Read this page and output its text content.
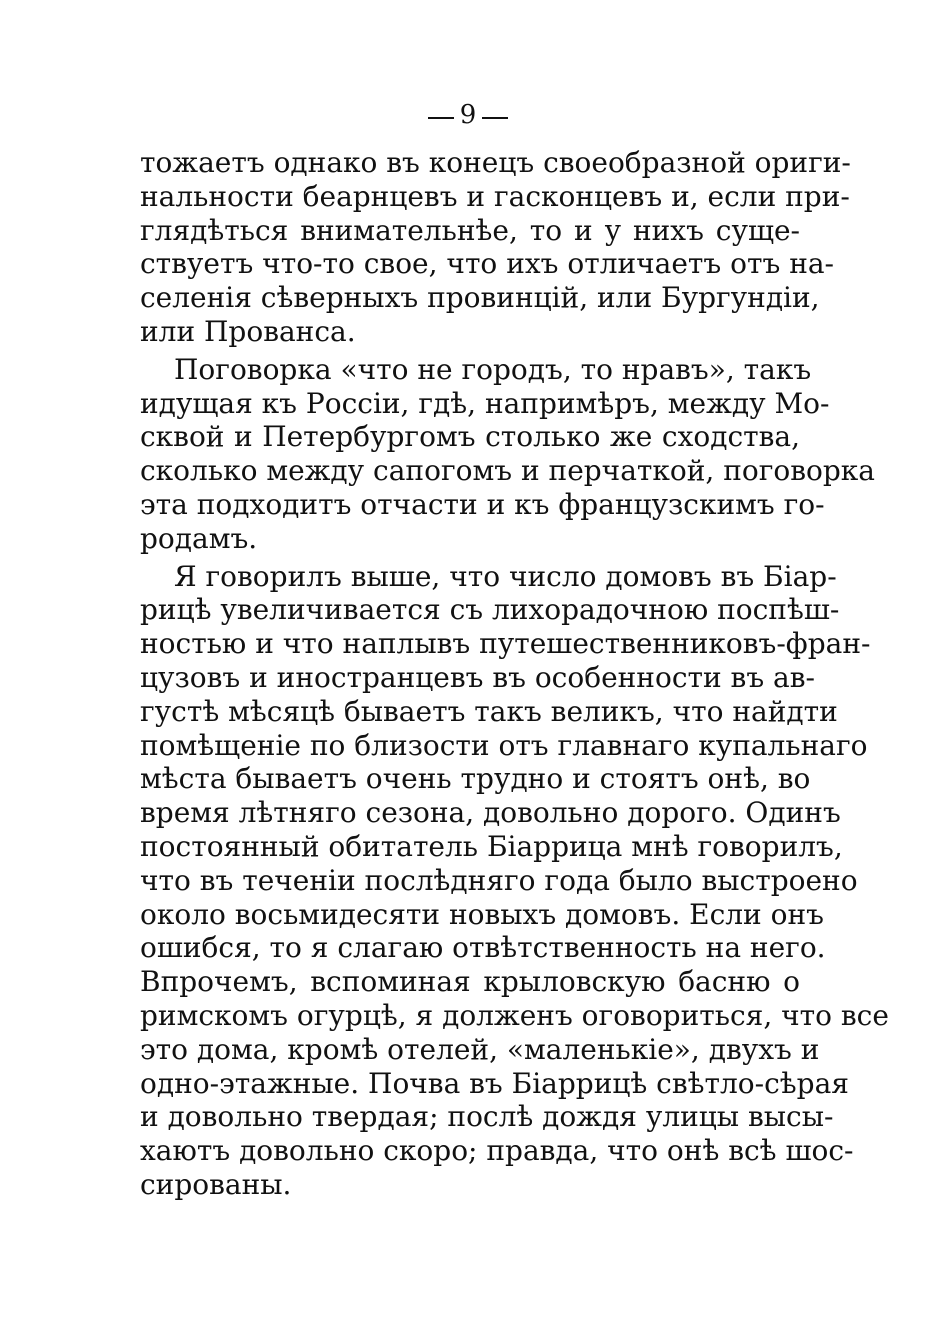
9
тожаетъ однако въ конецъ своеобразной ориги-
нальности беарнцевъ и гасконцевъ и, если при-
глядѣться внимательнѣе, то и у нихъ суще-
ствуетъ что-то свое, что ихъ отличаетъ отъ на-
селенія сѣверныхъ провинцій, или Бургундіи,
или Прованса.
Поговорка «что не городъ, то нравъ», такъ
идущая къ Россіи, гдѣ, напримѣръ, между Мо-
сквой и Петербургомъ столько же сходства,
сколько между сапогомъ и перчаткой, поговорка
эта подходитъ отчасти и къ французскимъ го-
родамъ.
Я говорилъ выше, что число домовъ въ Біар-
рицѣ увеличивается съ лихорадочною поспѣш-
ностью и что наплывъ путешественниковъ-фран-
цузовъ и иностранцевъ въ особенности въ ав-
густѣ мѣсяцѣ бываетъ такъ великъ, что найдти
помѣщеніе по близости отъ главнаго купальнаго
мѣста бываетъ очень трудно и стоятъ онѣ, во
время лѣтняго сезона, довольно дорого. Одинъ
постоянный обитатель Біаррица мнѣ говорилъ,
что въ теченіи послѣдняго года было выстроено
около восьмидесяти новыхъ домовъ. Если онъ
ошибся, то я слагаю отвѣтственность на него.
Впрочемъ, вспоминая крыловскую басню о
римскомъ огурцѣ, я долженъ оговориться, что все
это дома, кромѣ отелей, «маленькіе», двухъ и
одно-этажные. Почва въ Біаррицѣ свѣтло-сѣрая
и довольно твердая; послѣ дождя улицы высы-
хаютъ довольно скоро; правда, что онѣ всѣ шос-
сированы.
